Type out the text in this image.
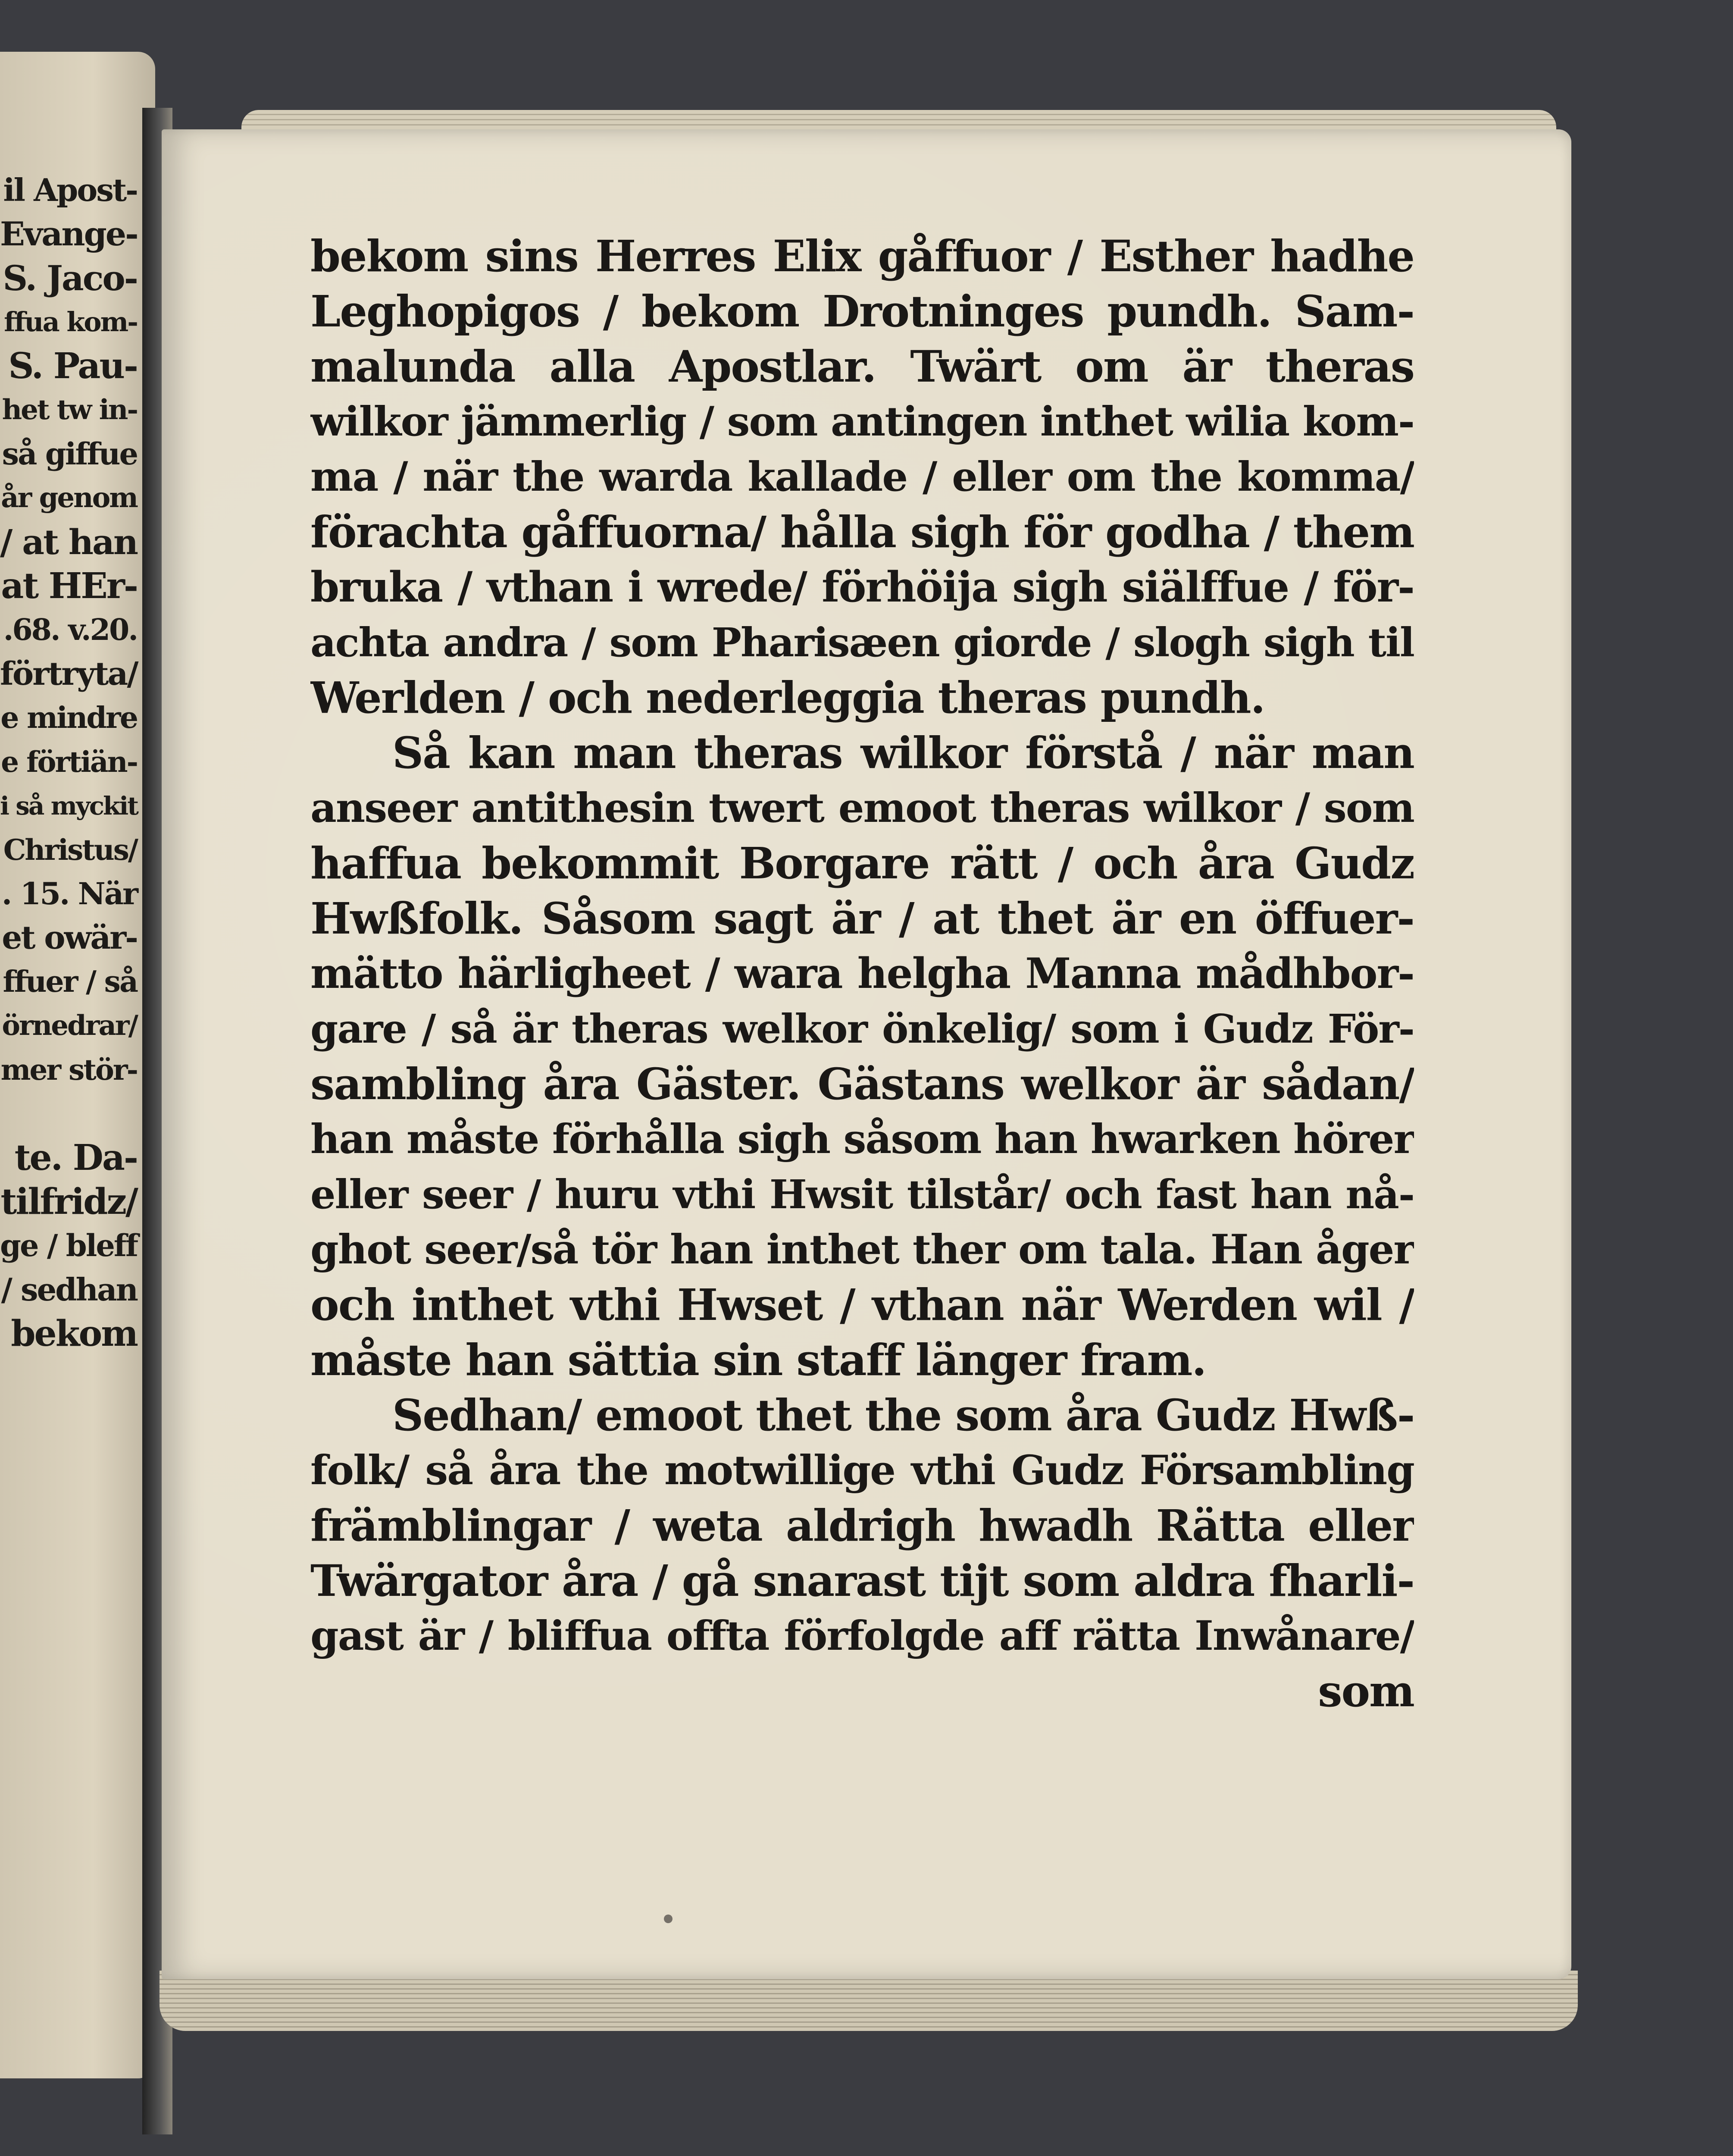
il Apost-
Evange-
S. Jaco-
ffua kom-
S. Pau-
het tw in-
så giffue
år genom
/ at han
at HEr-
.68. v.20.
förtryta/
e mindre
e förtiän-
i så myckit
Christus/
. 15. När
et owär-
ffuer / så
örnedrar/
mer stör-
te. Da-
tilfridz/
ge / bleff
/ sedhan
bekom
bekom sins Herres Elix gåffuor / Esther hadhe
Leghopigos / bekom Drotninges pundh. Sam-
malunda alla Apostlar. Twärt om är theras
wilkor jämmerlig / som antingen inthet wilia kom-
ma / när the warda kallade / eller om the komma/
förachta gåffuorna/ hålla sigh för godha / them
bruka / vthan i wrede/ förhöija sigh siälffue / för-
achta andra / som Pharisæen giorde / slogh sigh til
Werlden / och nederleggia theras pundh.
Så kan man theras wilkor förstå / när man
anseer antithesin twert emoot theras wilkor / som
haffua bekommit Borgare rätt / och åra Gudz
Hwßfolk. Såsom sagt är / at thet är en öffuer-
mätto härligheet / wara helgha Manna mådhbor-
gare / så är theras welkor önkelig/ som i Gudz För-
sambling åra Gäster. Gästans welkor är sådan/
han måste förhålla sigh såsom han hwarken hörer
eller seer / huru vthi Hwsit tilstår/ och fast han nå-
ghot seer/så tör han inthet ther om tala. Han åger
och inthet vthi Hwset / vthan när Werden wil /
måste han sättia sin staff länger fram.
Sedhan/ emoot thet the som åra Gudz Hwß-
folk/ så åra the motwillige vthi Gudz Försambling
främblingar / weta aldrigh hwadh Rätta eller
Twärgator åra / gå snarast tijt som aldra fharli-
gast är / bliffua offta förfolgde aff rätta Inwånare/
som
